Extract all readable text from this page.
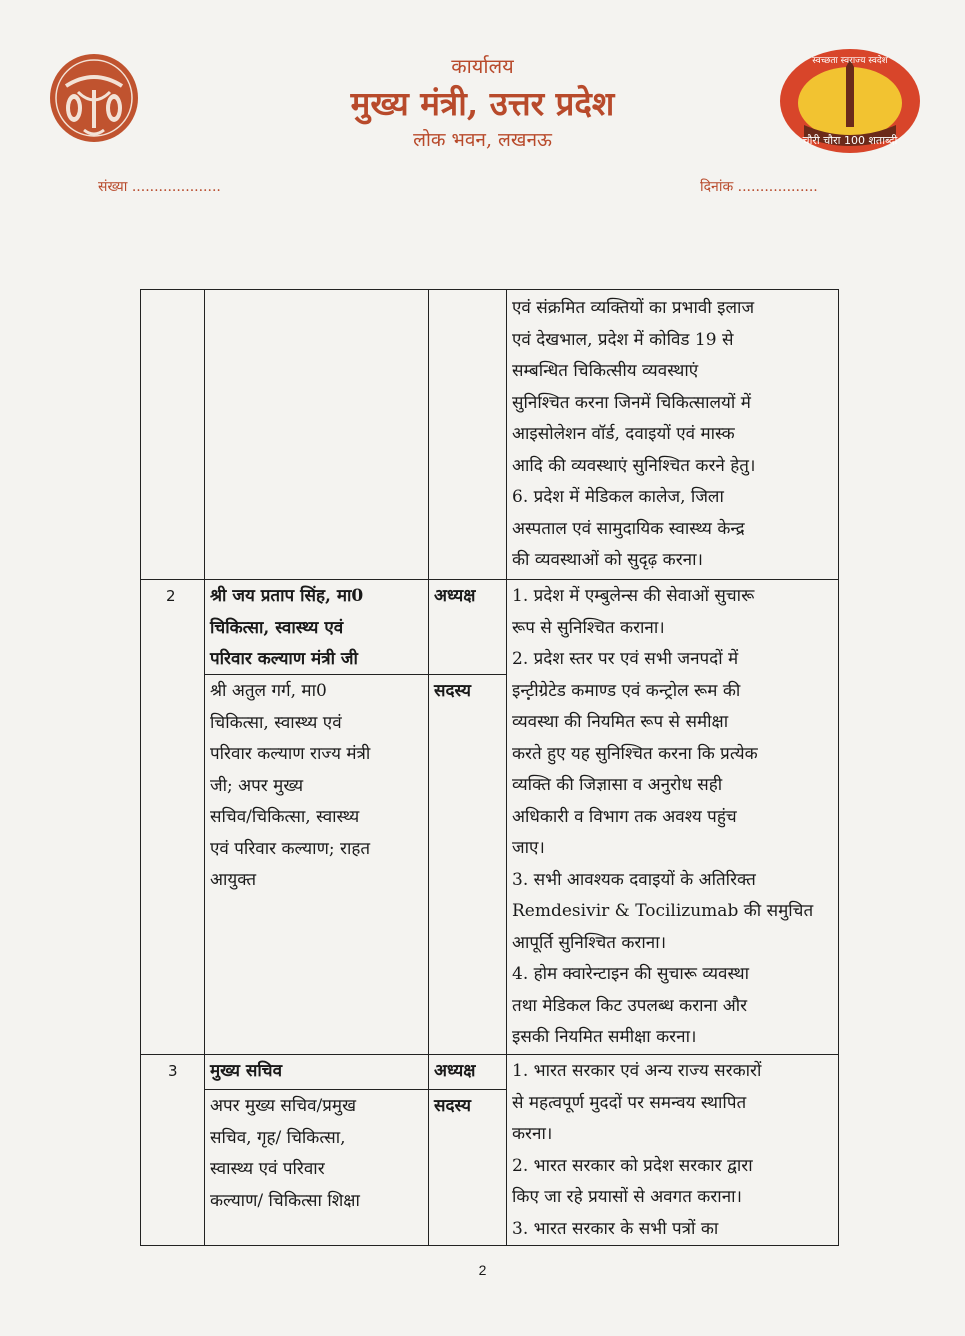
चौरी चौरा 100 शताब्दी
स्वच्छता स्वराज्य स्वदेश
कार्यालय
मुख्य मंत्री, उत्तर प्रदेश
लोक भवन, लखनऊ
संख्या ....................	दिनांक ..................
एवं संक्रमित व्यक्तियों का प्रभावी इलाज
एवं देखभाल, प्रदेश में कोविड 19 से
सम्बन्धित चिकित्सीय व्यवस्थाएं
सुनिश्चित करना जिनमें चिकित्सालयों में
आइसोलेशन वॉर्ड, दवाइयों एवं मास्क
आदि की व्यवस्थाएं सुनिश्चित करने हेतु।
6. प्रदेश में मेडिकल कालेज, जिला
अस्पताल एवं सामुदायिक स्वास्थ्य केन्द्र
की व्यवस्थाओं को सुदृढ़ करना।
2 श्री जय प्रताप सिंह, मा0
चिकित्सा, स्वास्थ्य एवं
परिवार कल्याण मंत्री जी
अध्यक्ष
श्री अतुल गर्ग, मा0
चिकित्सा, स्वास्थ्य एवं
परिवार कल्याण राज्य मंत्री
जी; अपर मुख्य
सचिव/चिकित्सा, स्वास्थ्य
एवं परिवार कल्याण; राहत
आयुक्त
सदस्य
1. प्रदेश में एम्बुलेन्स की सेवाओं सुचारू
रूप से सुनिश्चित कराना।
2. प्रदेश स्तर पर एवं सभी जनपदों में
इन्टीग्रेटेड कमाण्ड एवं कन्ट्रोल रूम की
व्यवस्था की नियमित रूप से समीक्षा
करते हुए यह सुनिश्चित करना कि प्रत्येक
व्यक्ति की जिज्ञासा व अनुरोध सही
अधिकारी व विभाग तक अवश्य पहुंच
जाए।
3. सभी आवश्यक दवाइयों के अतिरिक्त
Remdesivir & Tocilizumab की समुचित
आपूर्ति सुनिश्चित कराना।
4. होम क्वारेन्टाइन की सुचारू व्यवस्था
तथा मेडिकल किट उपलब्ध कराना और
इसकी नियमित समीक्षा करना।
3 मुख्य सचिव	अध्यक्ष
अपर मुख्य सचिव/प्रमुख
सचिव, गृह/ चिकित्सा,
स्वास्थ्य एवं परिवार
कल्याण/ चिकित्सा शिक्षा
सदस्य
1. भारत सरकार एवं अन्य राज्य सरकारों
से महत्वपूर्ण मुददों पर समन्वय स्थापित
करना।
2. भारत सरकार को प्रदेश सरकार द्वारा
किए जा रहे प्रयासों से अवगत कराना।
3. भारत सरकार के सभी पत्रों का
2
